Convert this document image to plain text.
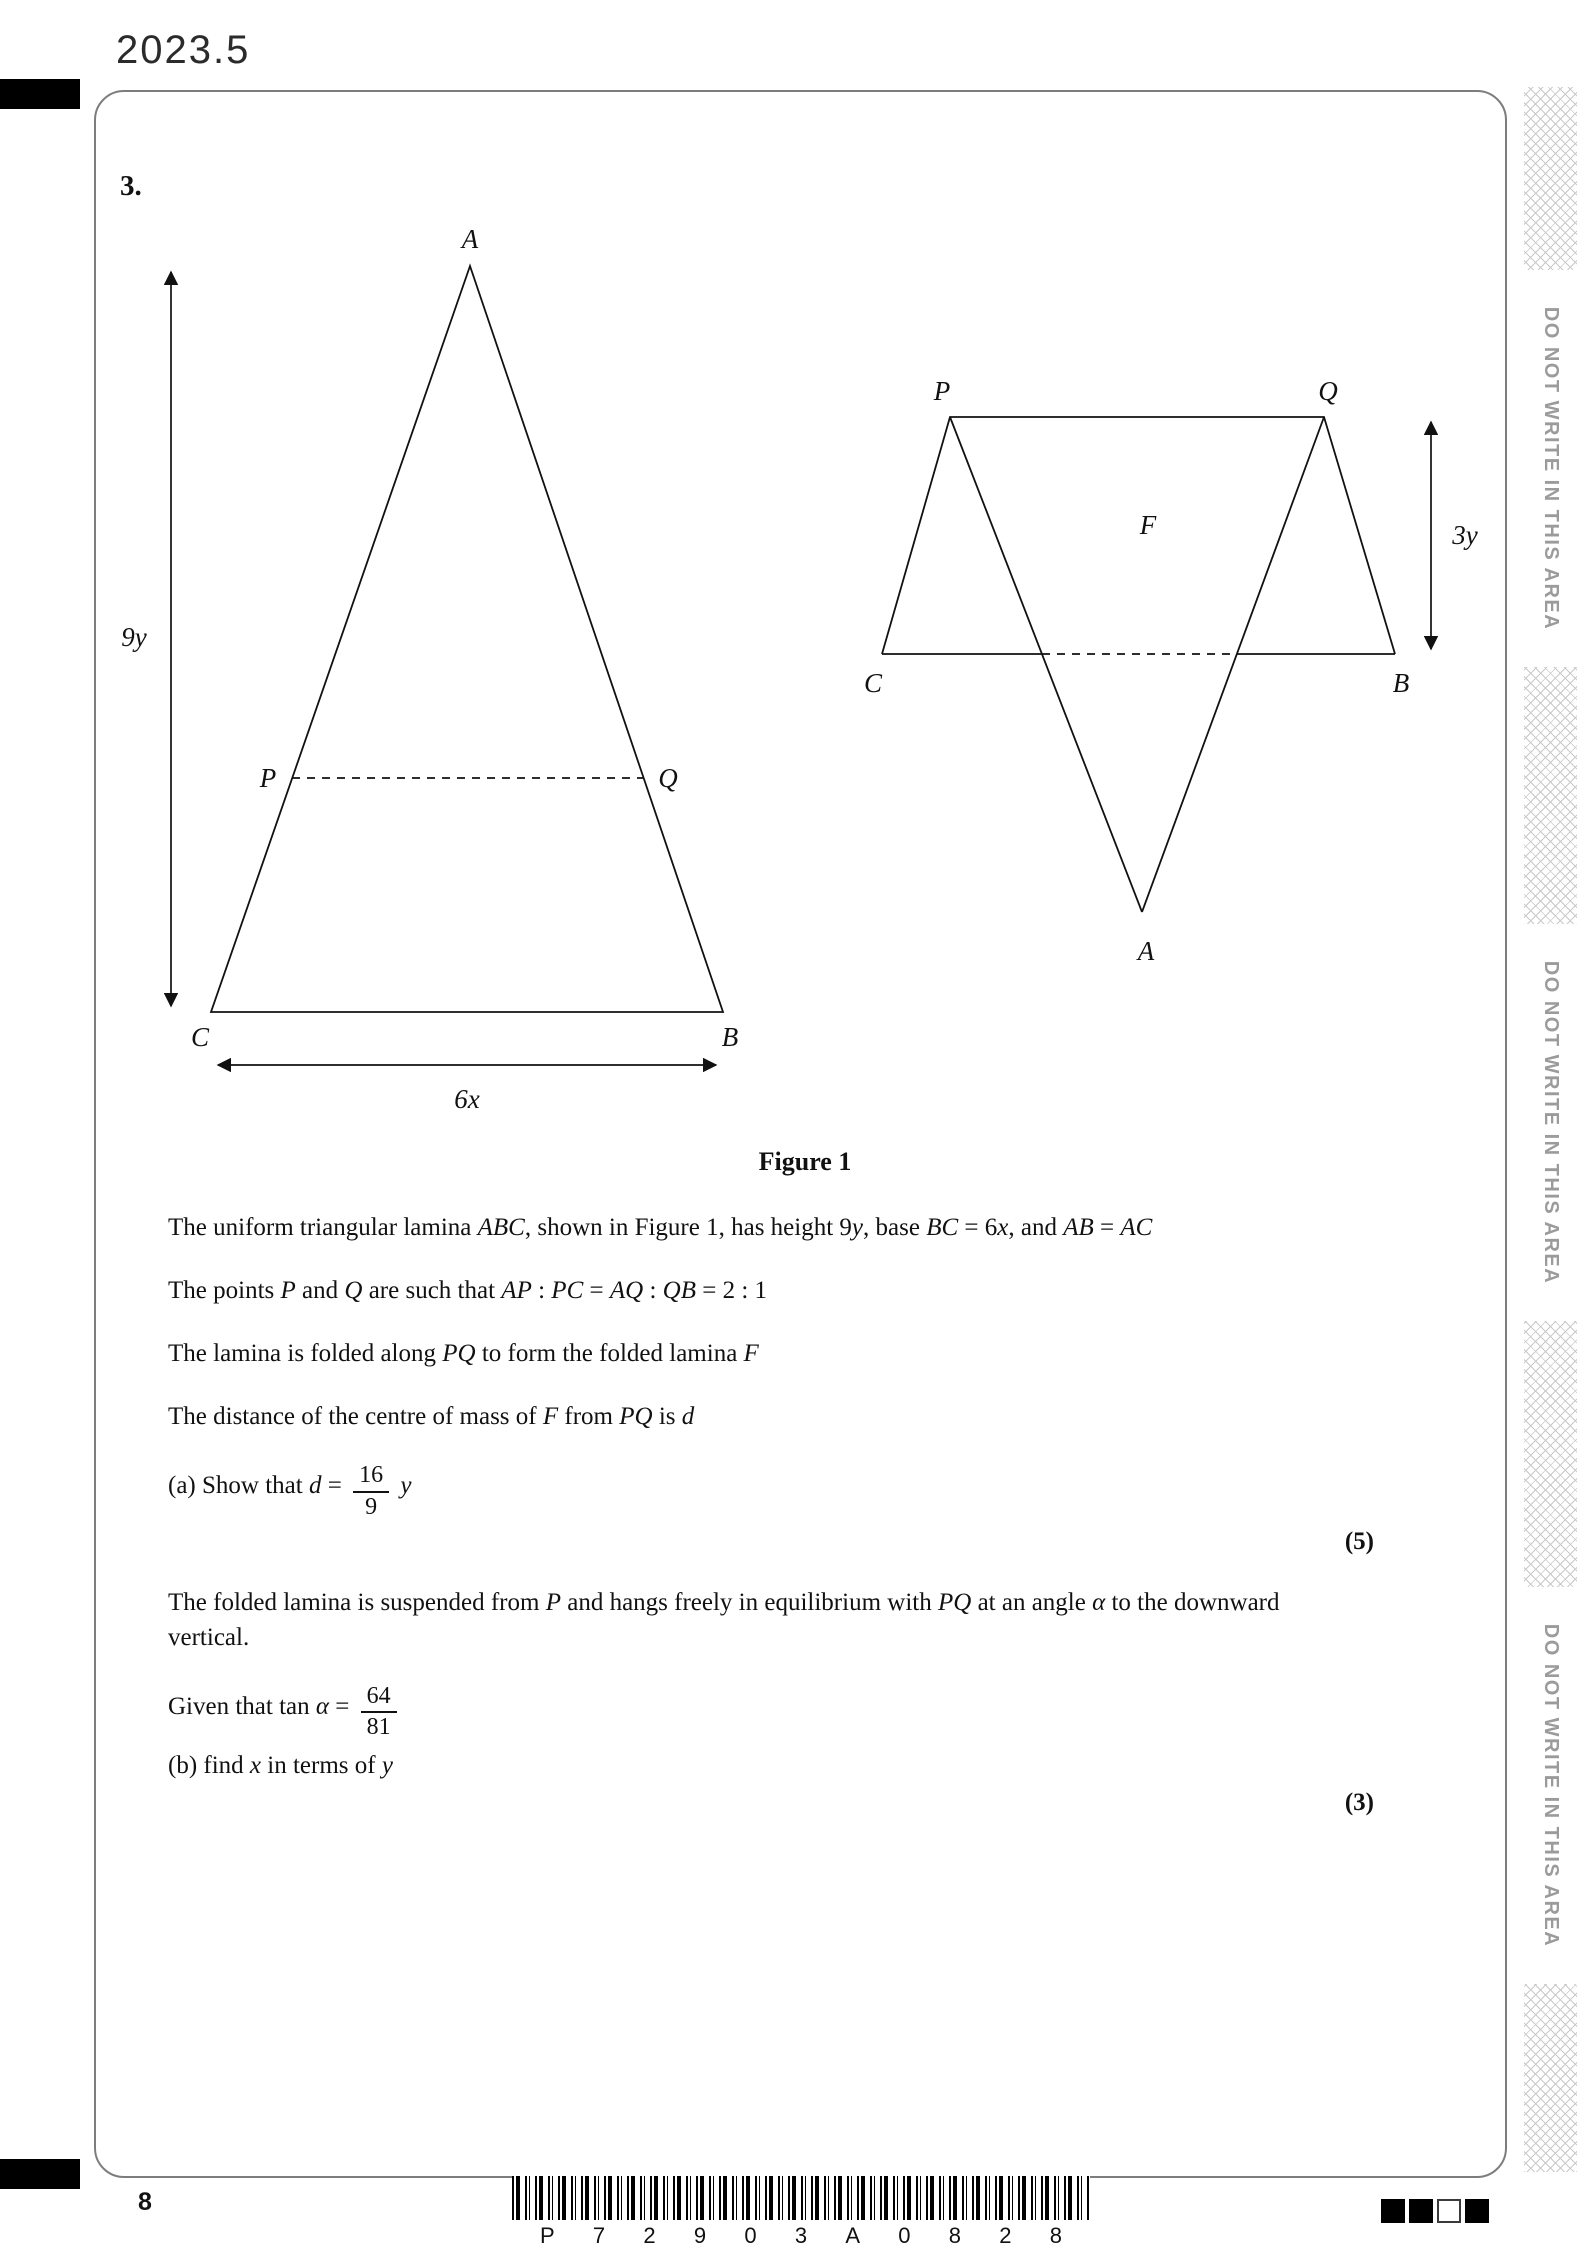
2023.5
3.
A
P	Q
C	B
9y
6x
P	Q
C	B
A
F	3y
Figure 1

The uniform triangular lamina ABC, shown in Figure 1, has height 9y, base BC = 6x, and AB = AC

The points P and Q are such that AP : PC = AQ : QB = 2 : 1

The lamina is folded along PQ to form the folded lamina F

The distance of the centre of mass of F from PQ is d

(a) Show that $d = \frac{16}{9}$ y

(5)

The folded lamina is suspended from P and hangs freely in equilibrium with PQ at an angle α to the downward vertical.

Given that $\tan \alpha = \frac{64}{81}$

(b) find x in terms of y

(3)
DO NOT WRITE IN THIS AREA
DO NOT WRITE IN THIS AREA
DO NOT WRITE IN THIS AREA
8
P 7 2 9 0 3 A 0 8 2 8
